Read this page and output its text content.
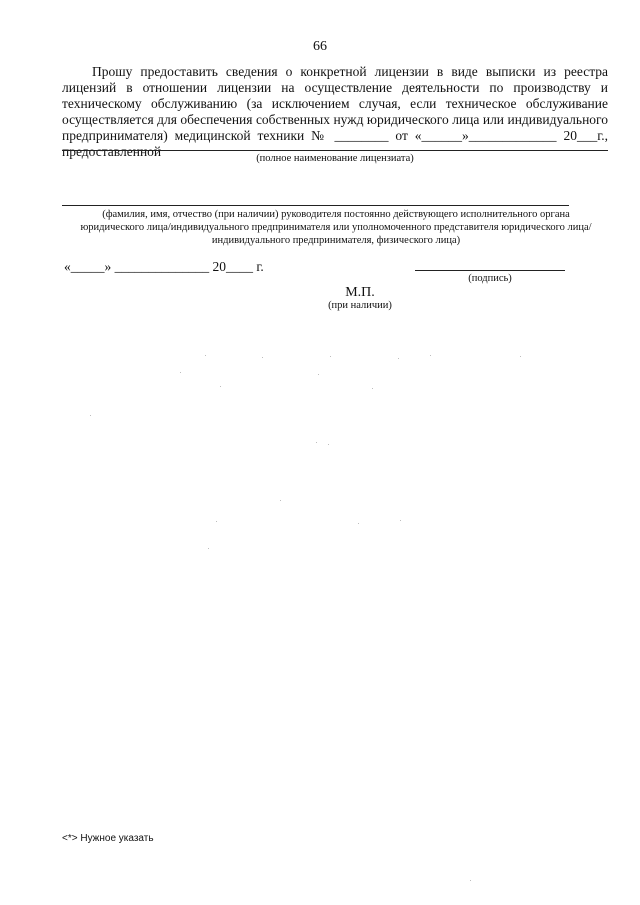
66
Прошу предоставить сведения о конкретной лицензии в виде выписки из реестра лицензий в отношении лицензии на осуществление деятельности по производству и техническому обслуживанию (за исключением случая, если техническое обслуживание осуществляется для обеспечения собственных нужд юридического лица или индивидуального предпринимателя) медицинской техники № ________ от «______»_____________ 20___г., предоставленной	(полное наименование лицензиата)
(фамилия, имя, отчество (при наличии) руководителя постоянно действующего исполнительного органа юридического лица/индивидуального предпринимателя или уполномоченного представителя юридического лица/индивидуального предпринимателя, физического лица)
«_____» ______________ 20____ г.
(подпись)
М.П.
(при наличии)
<*> Нужное указать
